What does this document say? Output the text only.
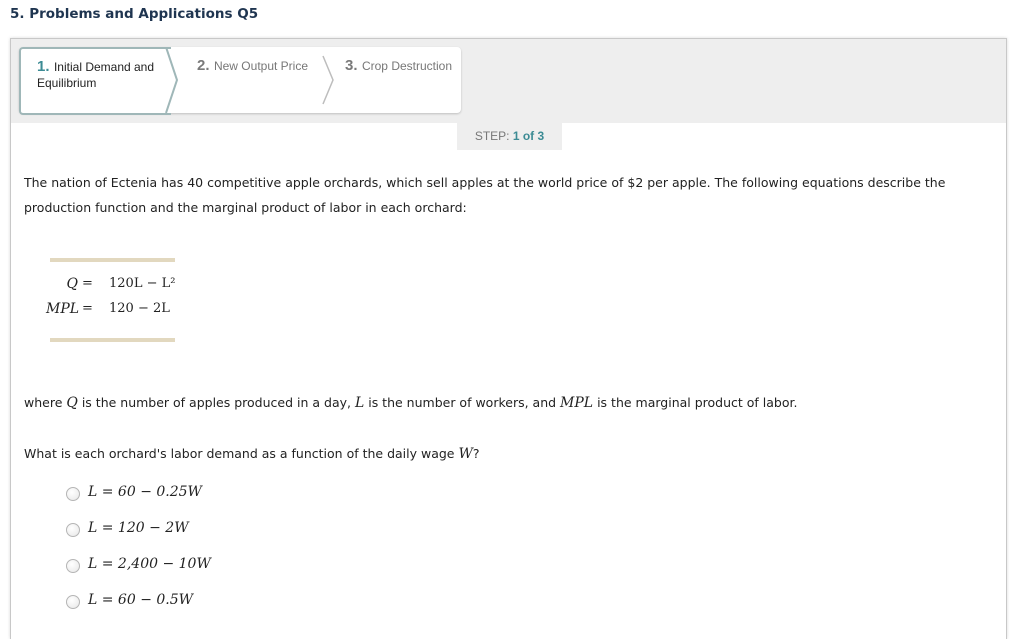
5. Problems and Applications Q5
1. Initial Demand and Equilibrium
2. New Output Price 3. Crop Destruction
STEP: 1 of 3
The nation of Ectenia has 40 competitive apple orchards, which sell apples at the world price of $2 per apple. The following equations describe the production function and the marginal product of labor in each orchard:
Q = 120L − L²
MPL = 120 − 2L
where Q is the number of apples produced in a day, L is the number of workers, and MPL is the marginal product of labor.
What is each orchard's labor demand as a function of the daily wage W?
L = 60 − 0.25W
L = 120 − 2W
L = 2,400 − 10W
L = 60 − 0.5W
